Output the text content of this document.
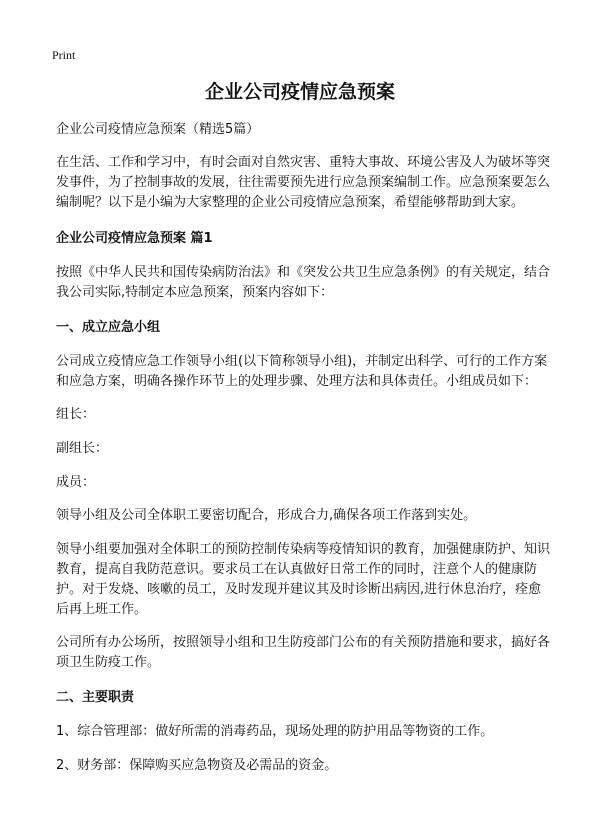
Print
企业公司疫情应急预案

企业公司疫情应急预案（精选5篇）

在生活、工作和学习中，有时会面对自然灾害、重特大事故、环境公害及人为破坏等突发事件，为了控制事故的发展，往往需要预先进行应急预案编制工作。应急预案要怎么编制呢？以下是小编为大家整理的企业公司疫情应急预案，希望能够帮助到大家。

企业公司疫情应急预案 篇1

按照《中华人民共和国传染病防治法》和《突发公共卫生应急条例》的有关规定，结合我公司实际,特制定本应急预案，预案内容如下：

一、成立应急小组

公司成立疫情应急工作领导小组(以下简称领导小组)，并制定出科学、可行的工作方案和应急方案，明确各操作环节上的处理步骤、处理方法和具体责任。小组成员如下：

组长：

副组长：

成员：

领导小组及公司全体职工要密切配合，形成合力,确保各项工作落到实处。

领导小组要加强对全体职工的预防控制传染病等疫情知识的教育，加强健康防护、知识教育，提高自我防范意识。要求员工在认真做好日常工作的同时，注意个人的健康防护。对于发烧、咳嗽的员工，及时发现并建议其及时诊断出病因,进行休息治疗，痊愈后再上班工作。

公司所有办公场所，按照领导小组和卫生防疫部门公布的有关预防措施和要求，搞好各项卫生防疫工作。

二、主要职责

1、综合管理部：做好所需的消毒药品，现场处理的防护用品等物资的工作。

2、财务部：保障购买应急物资及必需品的资金。
